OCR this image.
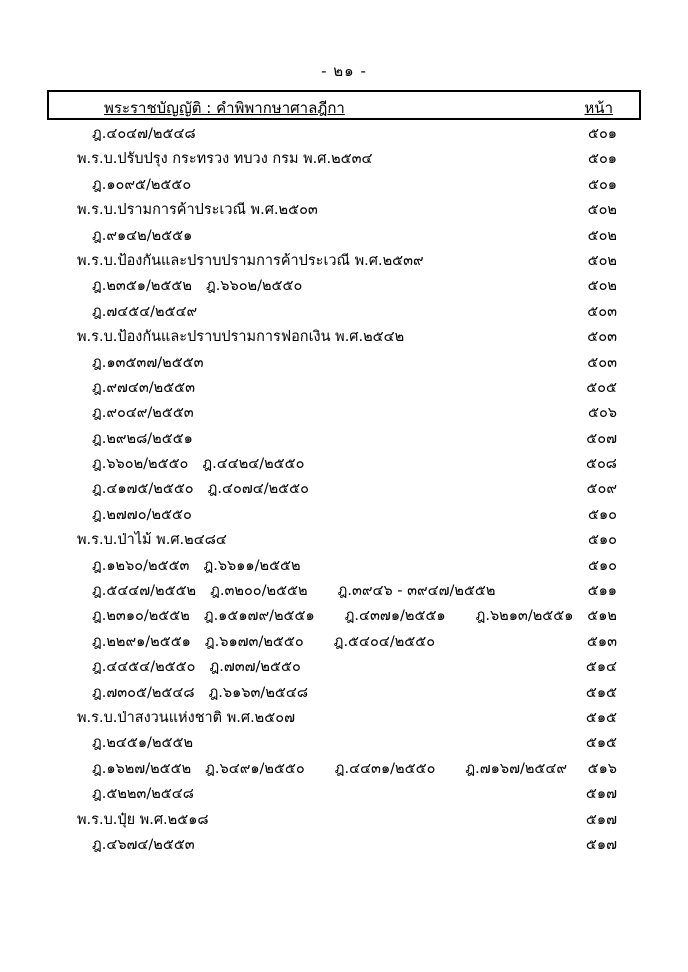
- ๒๑ -
พระราชบัญญัติ : คำพิพากษาศาลฎีกา	หน้า
ฎ.๔๐๔๗/๒๕๔๘	๕๐๑
พ.ร.บ.ปรับปรุง กระทรวง ทบวง กรม พ.ศ.๒๕๓๔	๕๐๑
ฎ.๑๐๙๕/๒๕๕๐	๕๐๑
พ.ร.บ.ปรามการค้าประเวณี พ.ศ.๒๕๐๓	๕๐๒
ฎ.๙๑๔๒/๒๕๕๑	๕๐๒
พ.ร.บ.ป้องกันและปราบปรามการค้าประเวณี พ.ศ.๒๕๓๙	๕๐๒
ฎ.๒๓๕๑/๒๕๕๒ ฎ.๖๖๐๒/๒๕๕๐	๕๐๒
ฎ.๗๔๕๔/๒๕๔๙	๕๐๓
พ.ร.บ.ป้องกันและปราบปรามการฟอกเงิน พ.ศ.๒๕๔๒	๕๐๓
ฎ.๑๓๕๓๗/๒๕๕๓	๕๐๓
ฎ.๙๗๔๓/๒๕๕๓	๕๐๕
ฎ.๙๐๔๙/๒๕๕๓	๕๐๖
ฎ.๒๙๒๘/๒๕๕๑	๕๐๗
ฎ.๖๖๐๒/๒๕๕๐ ฎ.๔๔๒๔/๒๕๕๐	๕๐๘
ฎ.๔๑๗๕/๒๕๕๐ ฎ.๔๐๗๔/๒๕๕๐	๕๐๙
ฎ.๒๗๗๐/๒๕๕๐	๕๑๐
พ.ร.บ.ป่าไม้ พ.ศ.๒๔๘๔	๕๑๐
ฎ.๑๒๖๐/๒๕๕๓ ฎ.๖๖๑๑/๒๕๕๒	๕๑๐
ฎ.๕๔๔๗/๒๕๕๒ ฎ.๓๒๐๐/๒๕๕๒ ฎ.๓๙๔๖ - ๓๙๔๗/๒๕๕๒	๕๑๑
ฎ.๒๓๑๐/๒๕๕๒ ฎ.๑๕๑๗๙/๒๕๕๑ ฎ.๔๓๗๑/๒๕๕๑ ฎ.๖๒๑๓/๒๕๕๑ ๕๑๒
ฎ.๒๒๙๑/๒๕๕๑ ฎ.๖๑๗๓/๒๕๕๐ ฎ.๕๔๐๔/๒๕๕๐	๕๑๓
ฎ.๔๔๕๔/๒๕๕๐ ฎ.๗๓๗/๒๕๕๐	๕๑๔
ฎ.๗๓๐๕/๒๕๔๘ ฎ.๖๑๖๓/๒๕๔๘	๕๑๕
พ.ร.บ.ป่าสงวนแห่งชาติ พ.ศ.๒๕๐๗	๕๑๕
ฎ.๒๔๕๑/๒๕๕๒	๕๑๕
ฎ.๑๖๒๗/๒๕๕๒ ฎ.๖๔๙๑/๒๕๕๐ ฎ.๔๔๓๑/๒๕๕๐ ฎ.๗๑๖๗/๒๕๔๙ ๕๑๖
ฎ.๕๒๒๓/๒๕๔๘	๕๑๗
พ.ร.บ.ปุ๋ย พ.ศ.๒๕๑๘	๕๑๗
ฎ.๔๖๗๔/๒๕๕๓	๕๑๗
